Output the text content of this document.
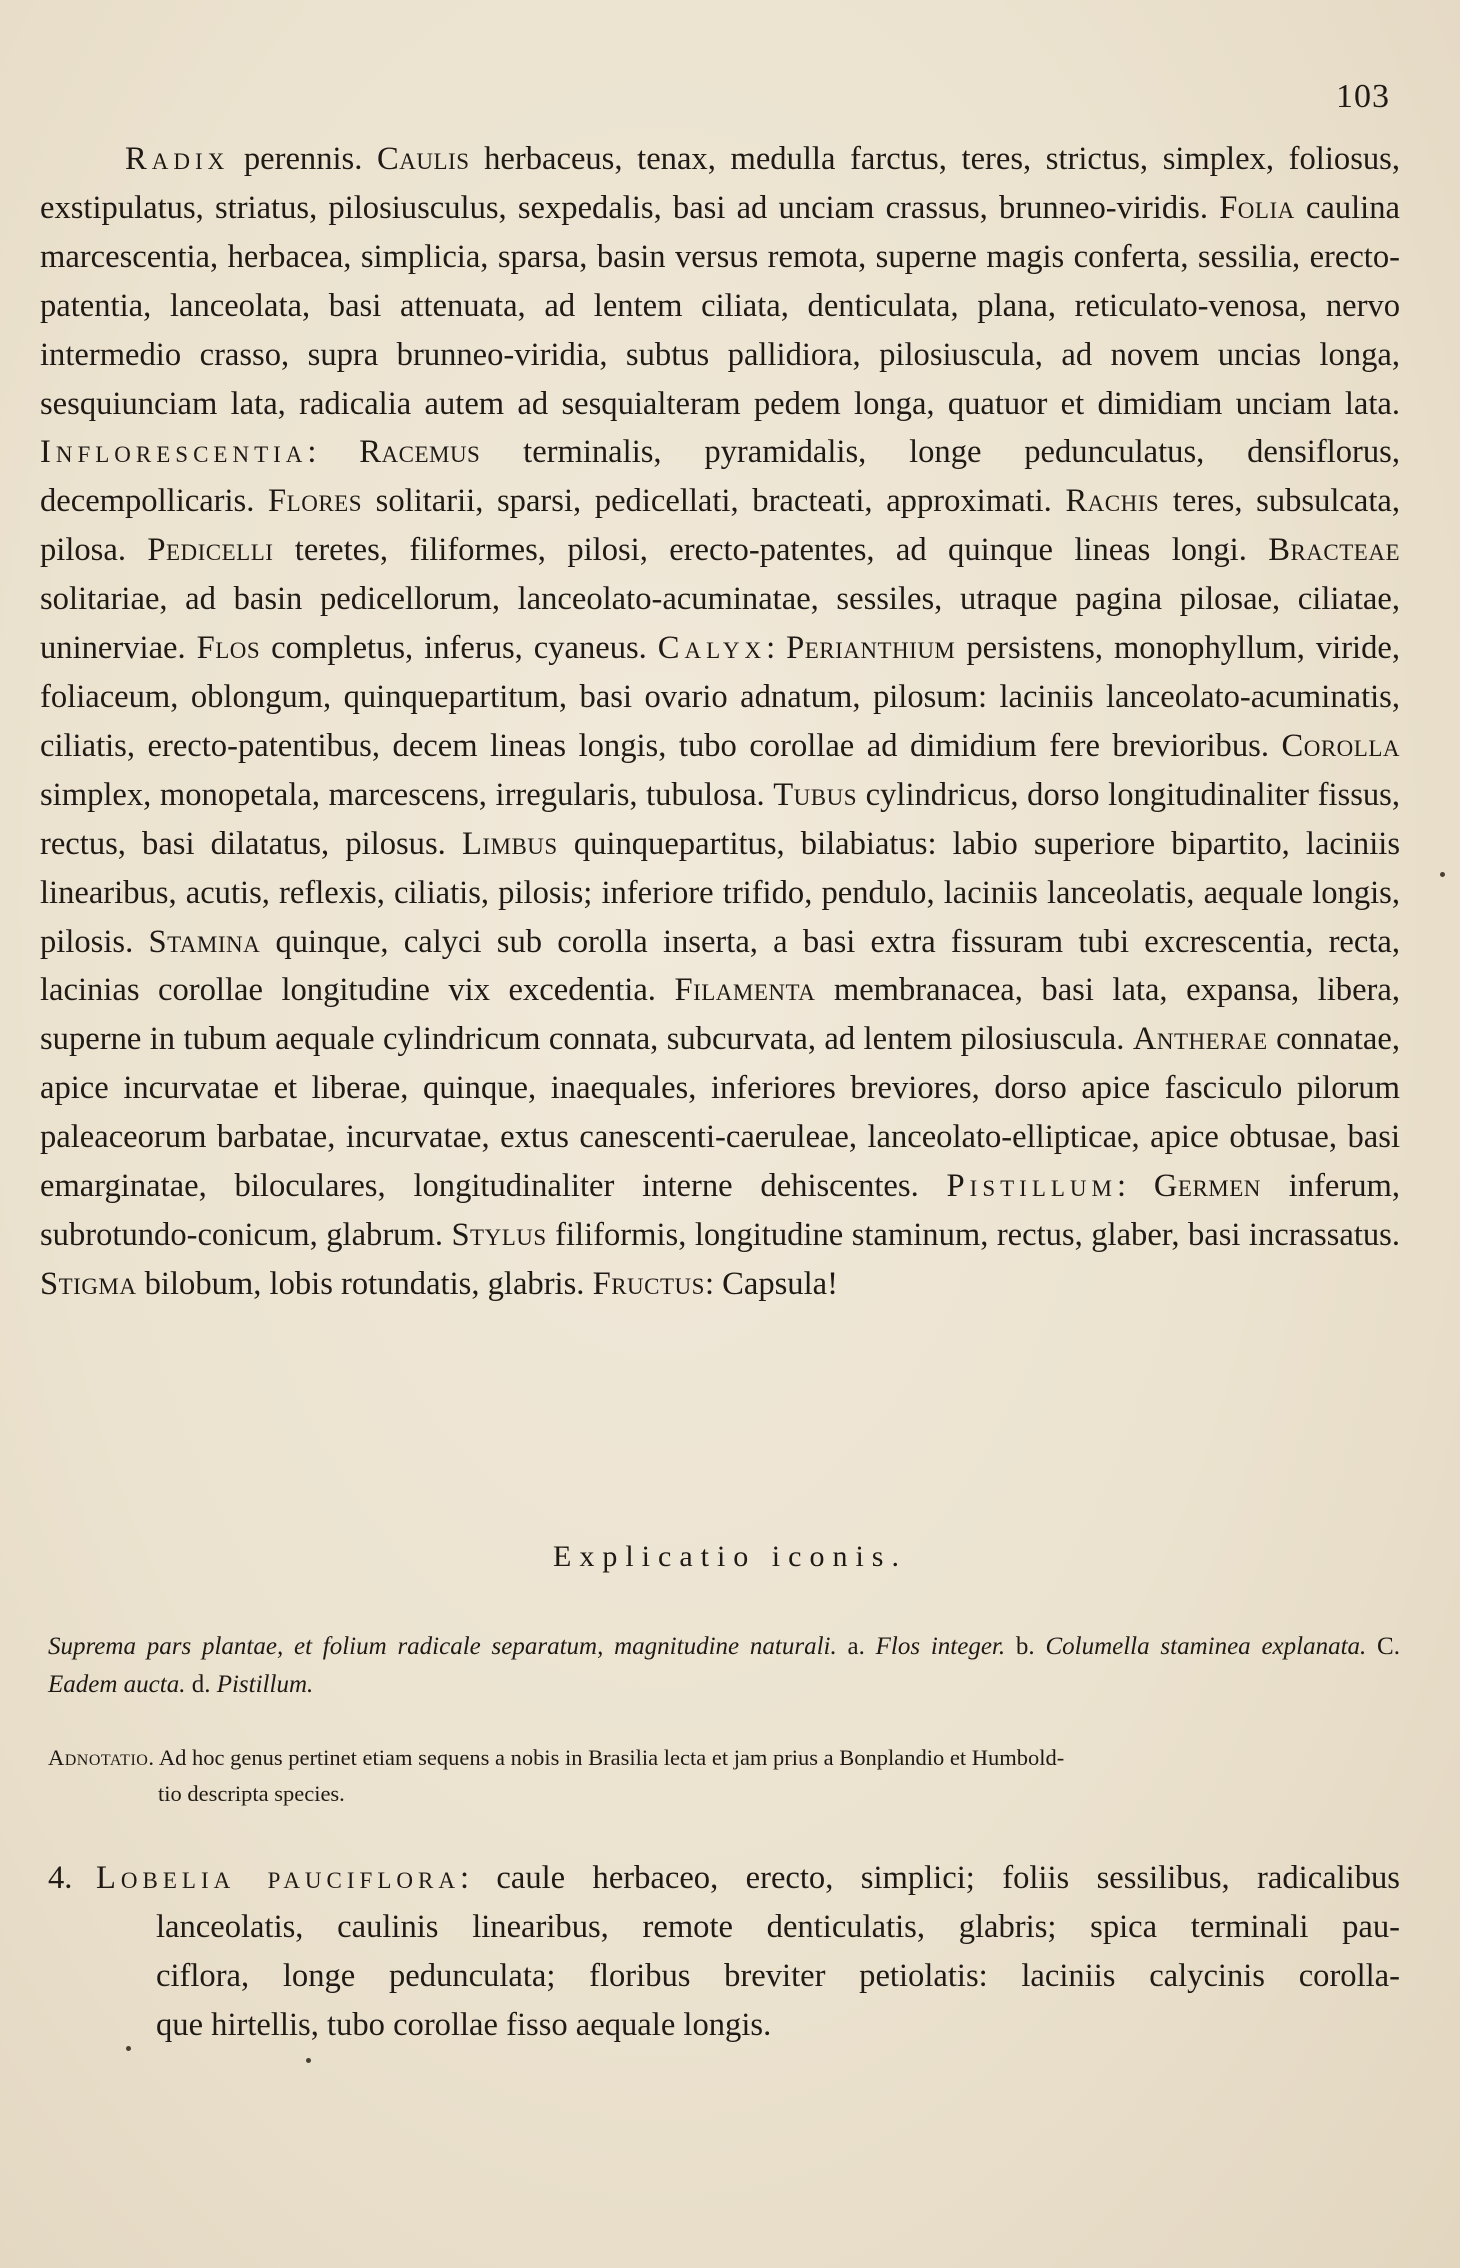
103
Radix perennis. Caulis herbaceus, tenax, medulla farctus, teres, strictus, simplex, foliosus, exstipulatus, striatus, pilosiusculus, sexpedalis, basi ad unciam crassus, brunneo-viridis. Folia caulina marcescentia, herbacea, simplicia, sparsa, basin versus remota, superne magis conferta, sessilia, erecto-patentia, lanceolata, basi attenuata, ad lentem ciliata, denticulata, plana, reticulato-venosa, nervo intermedio crasso, supra brunneo-viridia, subtus pallidiora, pilosiuscula, ad novem uncias longa, sesquiunciam lata, radicalia autem ad sesquialteram pedem longa, quatuor et dimidiam unciam lata. Inflorescentia: Racemus terminalis, pyramidalis, longe pedunculatus, densiflorus, decempollicaris. Flores solitarii, sparsi, pedicellati, bracteati, approximati. Rachis teres, subsulcata, pilosa. Pedicelli teretes, filiformes, pilosi, erecto-patentes, ad quinque lineas longi. Bracteae solitariae, ad basin pedicellorum, lanceolato-acuminatae, sessiles, utraque pagina pilosae, ciliatae, uninerviae. Flos completus, inferus, cyaneus. Calyx: Perianthium persistens, monophyllum, viride, foliaceum, oblongum, quinquepartitum, basi ovario adnatum, pilosum: laciniis lanceolato-acuminatis, ciliatis, erecto-patentibus, decem lineas longis, tubo corollae ad dimidium fere brevioribus. Corolla simplex, monopetala, marcescens, irregularis, tubulosa. Tubus cylindricus, dorso longitudinaliter fissus, rectus, basi dilatatus, pilosus. Limbus quinquepartitus, bilabiatus: labio superiore bipartito, laciniis linearibus, acutis, reflexis, ciliatis, pilosis; inferiore trifido, pendulo, laciniis lanceolatis, aequale longis, pilosis. Stamina quinque, calyci sub corolla inserta, a basi extra fissuram tubi excrescentia, recta, lacinias corollae longitudine vix excedentia. Filamenta membranacea, basi lata, expansa, libera, superne in tubum aequale cylindricum connata, subcurvata, ad lentem pilosiuscula. Antherae connatae, apice incurvatae et liberae, quinque, inaequales, inferiores breviores, dorso apice fasciculo pilorum paleaceorum barbatae, incurvatae, extus canescenti-caeruleae, lanceolato-ellipticae, apice obtusae, basi emarginatae, biloculares, longitudinaliter interne dehiscentes. Pistillum: Germen inferum, subrotundo-conicum, glabrum. Stylus filiformis, longitudine staminum, rectus, glaber, basi incrassatus. Stigma bilobum, lobis rotundatis, glabris. Fructus: Capsula!
Explicatio iconis.
Suprema pars plantae, et folium radicale separatum, magnitudine naturali. a. Flos integer. b. Columella staminea explanata. C. Eadem aucta. d. Pistillum.
Adnotatio. Ad hoc genus pertinet etiam sequens a nobis in Brasilia lecta et jam prius a Bonplandio et Humbold-
tio descripta species.
4. Lobelia pauciflora: caule herbaceo, erecto, simplici; foliis sessilibus, radicalibus
lanceolatis, caulinis linearibus, remote denticulatis, glabris; spica terminali pau-
ciflora, longe pedunculata; floribus breviter petiolatis: laciniis calycinis corolla-
que hirtellis, tubo corollae fisso aequale longis.
